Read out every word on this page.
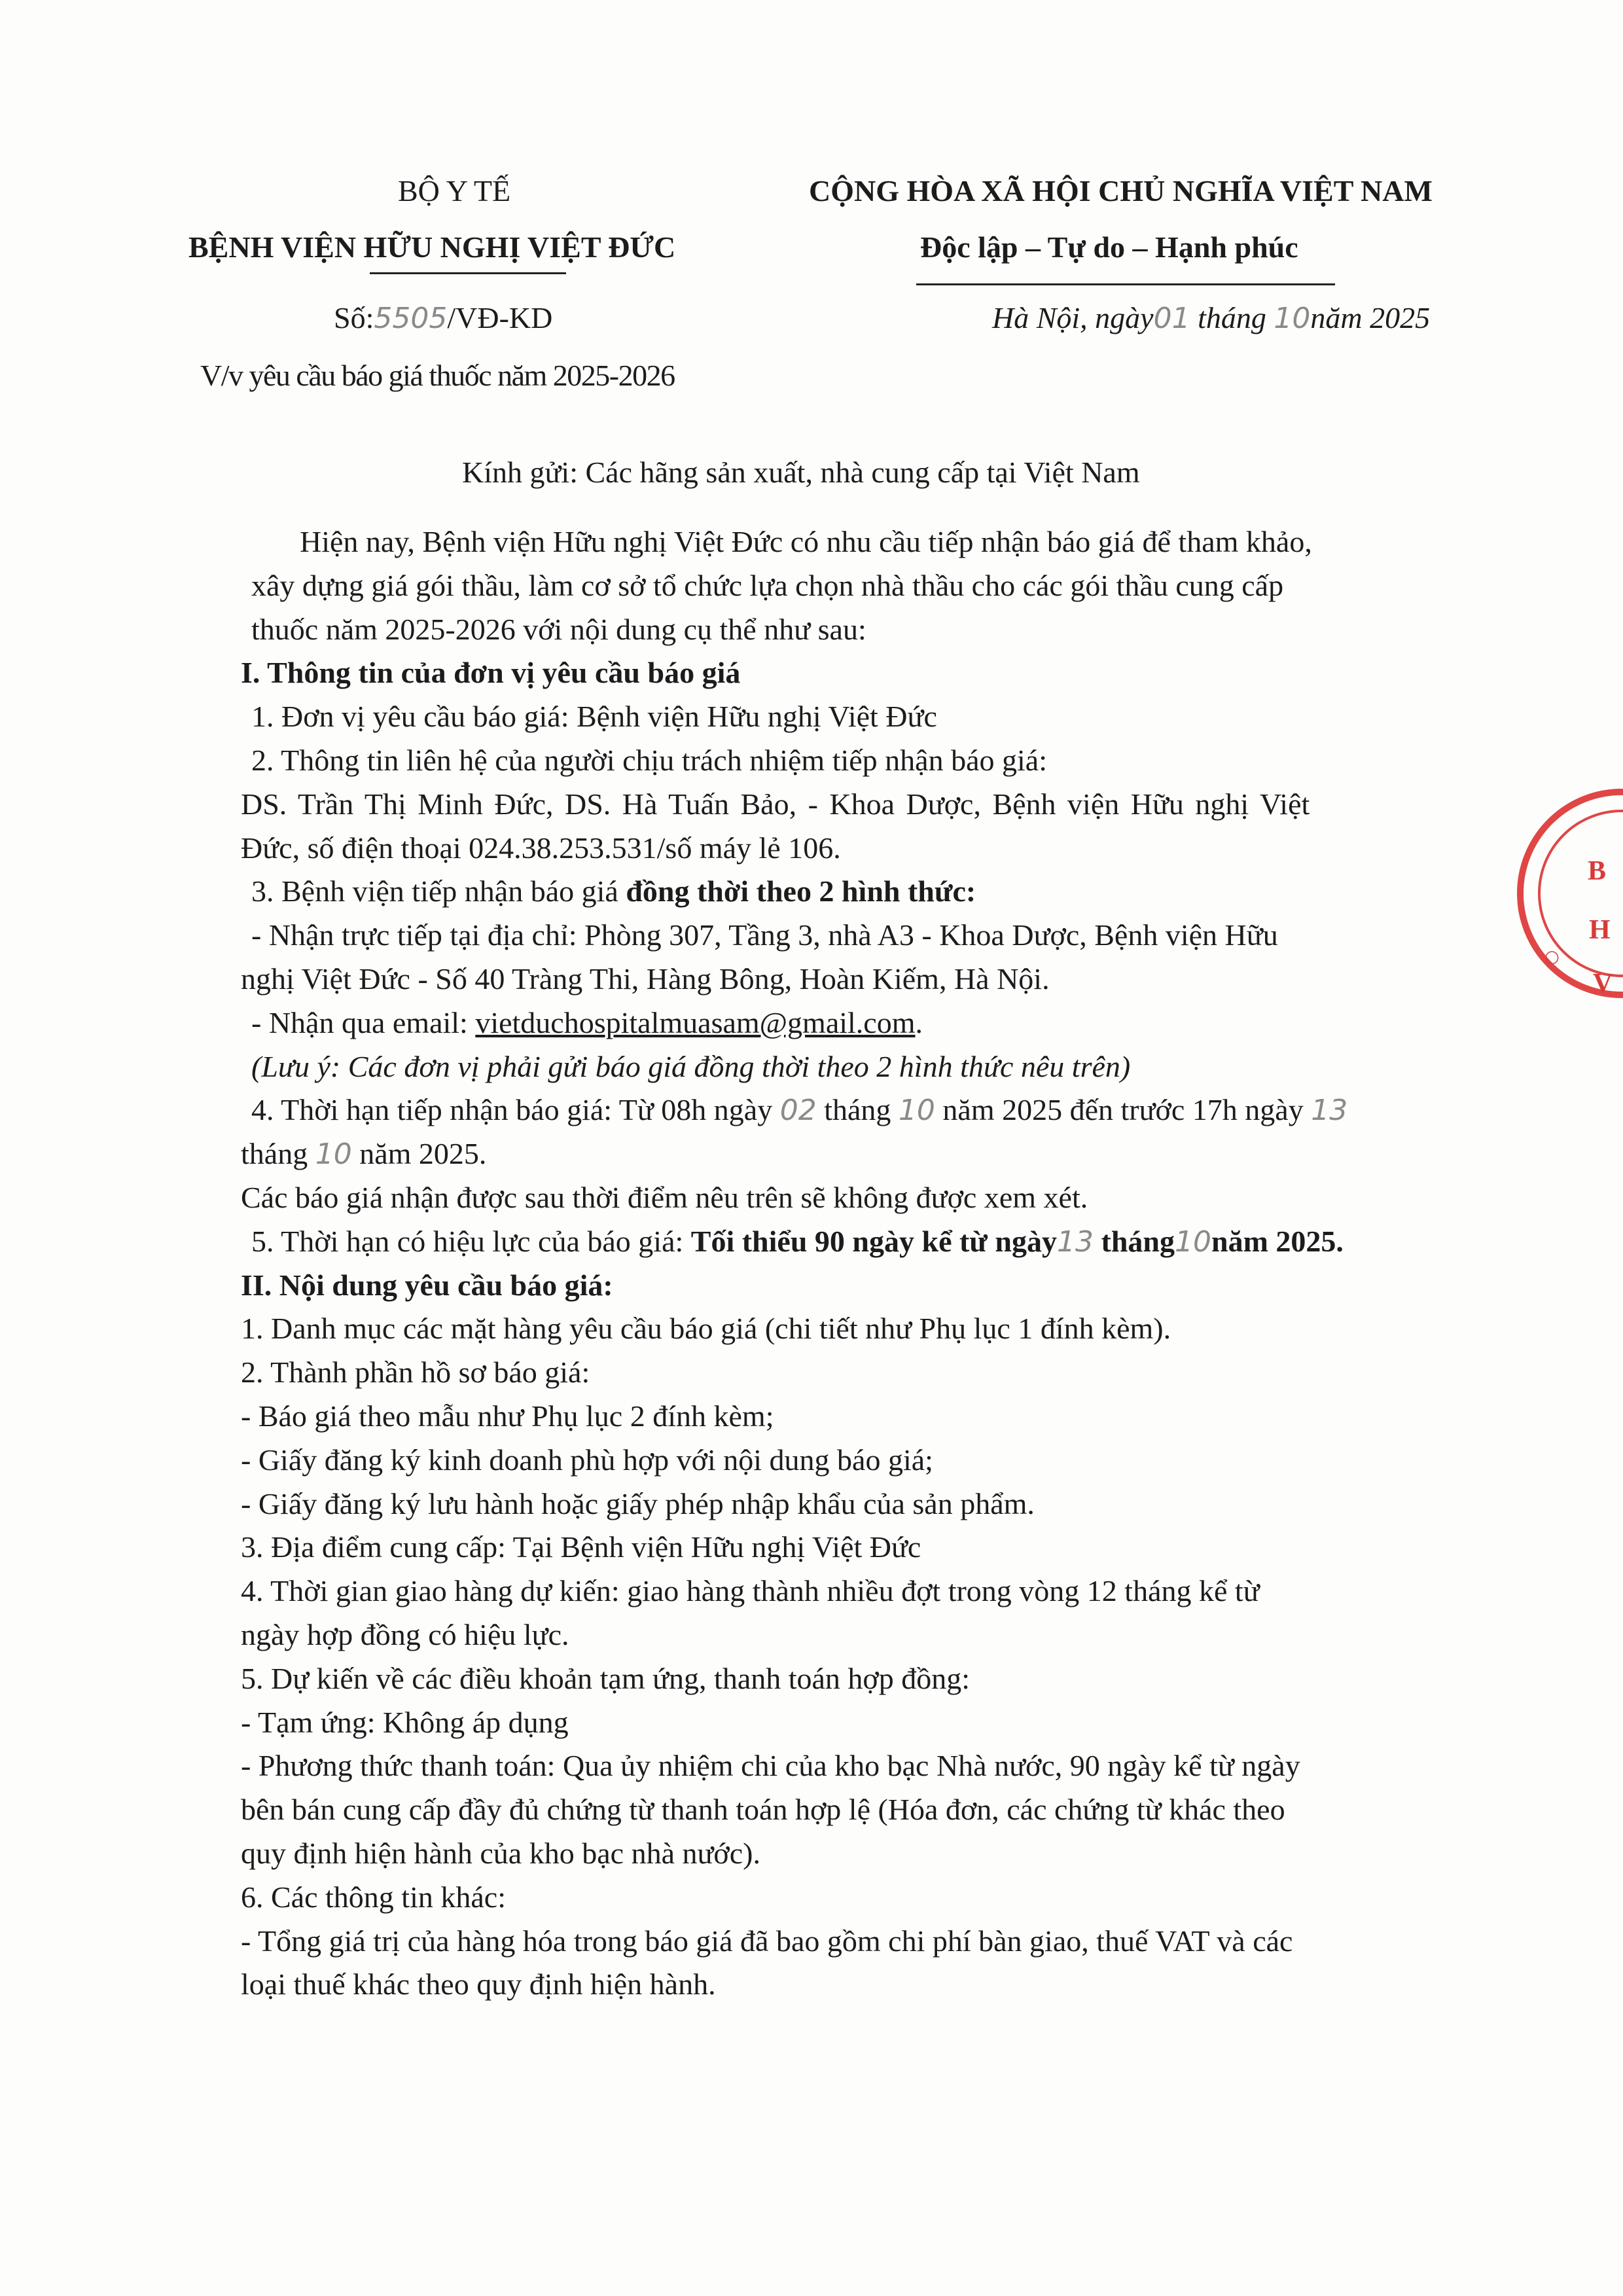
BỘ Y TẾ
BỆNH VIỆN HỮU NGHỊ VIỆT ĐỨC
Số:5505/VĐ-KD
V/v yêu cầu báo giá thuốc năm 2025-2026
CỘNG HÒA XÃ HỘI CHỦ NGHĨA VIỆT NAM
Độc lập – Tự do – Hạnh phúc
Hà Nội, ngày01 tháng 10năm 2025
Kính gửi: Các hãng sản xuất, nhà cung cấp tại Việt Nam
Hiện nay, Bệnh viện Hữu nghị Việt Đức có nhu cầu tiếp nhận báo giá để tham khảo,
xây dựng giá gói thầu, làm cơ sở tổ chức lựa chọn nhà thầu cho các gói thầu cung cấp
thuốc năm 2025-2026 với nội dung cụ thể như sau:
I. Thông tin của đơn vị yêu cầu báo giá
1. Đơn vị yêu cầu báo giá: Bệnh viện Hữu nghị Việt Đức
2. Thông tin liên hệ của người chịu trách nhiệm tiếp nhận báo giá:
DS. Trần Thị Minh Đức, DS. Hà Tuấn Bảo, - Khoa Dược, Bệnh viện Hữu nghị Việt
Đức, số điện thoại 024.38.253.531/số máy lẻ 106.
3. Bệnh viện tiếp nhận báo giá đồng thời theo 2 hình thức:
- Nhận trực tiếp tại địa chỉ: Phòng 307, Tầng 3, nhà A3 - Khoa Dược, Bệnh viện Hữu
nghị Việt Đức - Số 40 Tràng Thi, Hàng Bông, Hoàn Kiếm, Hà Nội.
- Nhận qua email: vietduchospitalmuasam@gmail.com.
(Lưu ý: Các đơn vị phải gửi báo giá đồng thời theo 2 hình thức nêu trên)
4. Thời hạn tiếp nhận báo giá: Từ 08h ngày 02 tháng 10 năm 2025 đến trước 17h ngày 13
tháng 10 năm 2025.
Các báo giá nhận được sau thời điểm nêu trên sẽ không được xem xét.
5. Thời hạn có hiệu lực của báo giá: Tối thiểu 90 ngày kể từ ngày13 tháng10năm 2025.
II. Nội dung yêu cầu báo giá:
1. Danh mục các mặt hàng yêu cầu báo giá (chi tiết như Phụ lục 1 đính kèm).
2. Thành phần hồ sơ báo giá:
- Báo giá theo mẫu như Phụ lục 2 đính kèm;
- Giấy đăng ký kinh doanh phù hợp với nội dung báo giá;
- Giấy đăng ký lưu hành hoặc giấy phép nhập khẩu của sản phẩm.
3. Địa điểm cung cấp: Tại Bệnh viện Hữu nghị Việt Đức
4. Thời gian giao hàng dự kiến: giao hàng thành nhiều đợt trong vòng 12 tháng kể từ
ngày hợp đồng có hiệu lực.
5. Dự kiến về các điều khoản tạm ứng, thanh toán hợp đồng:
- Tạm ứng: Không áp dụng
- Phương thức thanh toán: Qua ủy nhiệm chi của kho bạc Nhà nước, 90 ngày kể từ ngày
bên bán cung cấp đầy đủ chứng từ thanh toán hợp lệ (Hóa đơn, các chứng từ khác theo
quy định hiện hành của kho bạc nhà nước).
6. Các thông tin khác:
- Tổng giá trị của hàng hóa trong báo giá đã bao gồm chi phí bàn giao, thuế VAT và các
loại thuế khác theo quy định hiện hành.
B
H
V
○
